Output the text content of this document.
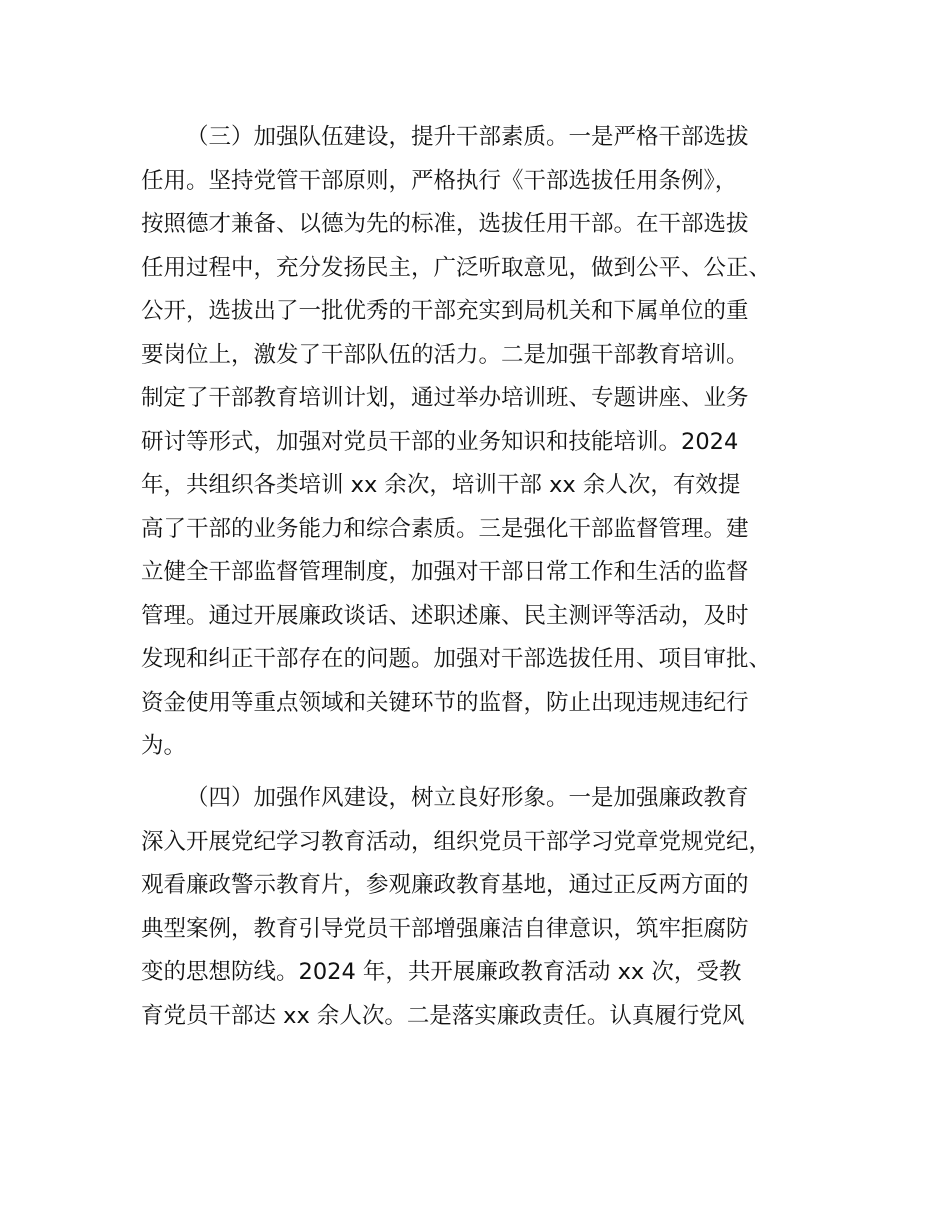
（三）加强队伍建设，提升干部素质。一是严格干部选拔
任用。坚持党管干部原则，严格执行《干部选拔任用条例》，
按照德才兼备、以德为先的标准，选拔任用干部。在干部选拔
任用过程中，充分发扬民主，广泛听取意见，做到公平、公正、
公开，选拔出了一批优秀的干部充实到局机关和下属单位的重
要岗位上，激发了干部队伍的活力。二是加强干部教育培训。
制定了干部教育培训计划，通过举办培训班、专题讲座、业务
研讨等形式，加强对党员干部的业务知识和技能培训。2024
年，共组织各类培训 xx 余次，培训干部 xx 余人次，有效提
高了干部的业务能力和综合素质。三是强化干部监督管理。建
立健全干部监督管理制度，加强对干部日常工作和生活的监督
管理。通过开展廉政谈话、述职述廉、民主测评等活动，及时
发现和纠正干部存在的问题。加强对干部选拔任用、项目审批、
资金使用等重点领域和关键环节的监督，防止出现违规违纪行
为。
（四）加强作风建设，树立良好形象。一是加强廉政教育
深入开展党纪学习教育活动，组织党员干部学习党章党规党纪，
观看廉政警示教育片，参观廉政教育基地，通过正反两方面的
典型案例，教育引导党员干部增强廉洁自律意识，筑牢拒腐防
变的思想防线。2024 年，共开展廉政教育活动 xx 次，受教
育党员干部达 xx 余人次。二是落实廉政责任。认真履行党风
